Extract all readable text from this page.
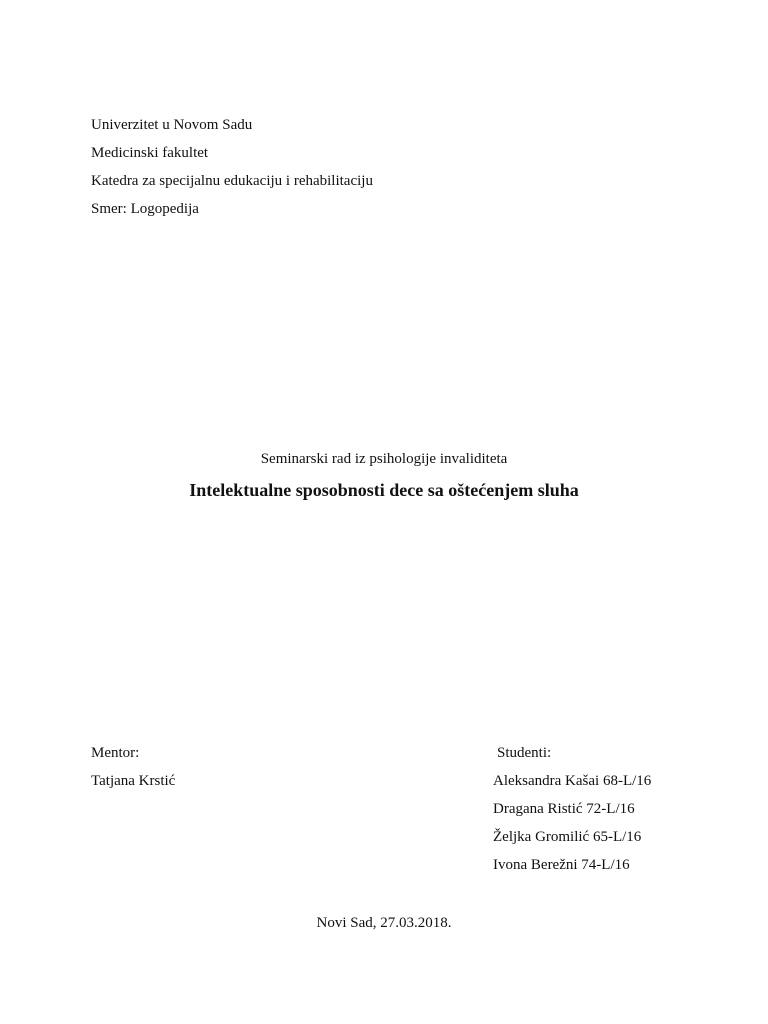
Univerzitet u Novom Sadu
Medicinski fakultet
Katedra za specijalnu edukaciju i rehabilitaciju
Smer: Logopedija
Seminarski rad iz psihologije invaliditeta
Intelektualne sposobnosti dece sa oštećenjem sluha
Mentor:
Tatjana Krstić
Studenti:
Aleksandra Kašai 68-L/16
Dragana Ristić 72-L/16
Željka Gromilić 65-L/16
Ivona Berežni 74-L/16
Novi Sad, 27.03.2018.
